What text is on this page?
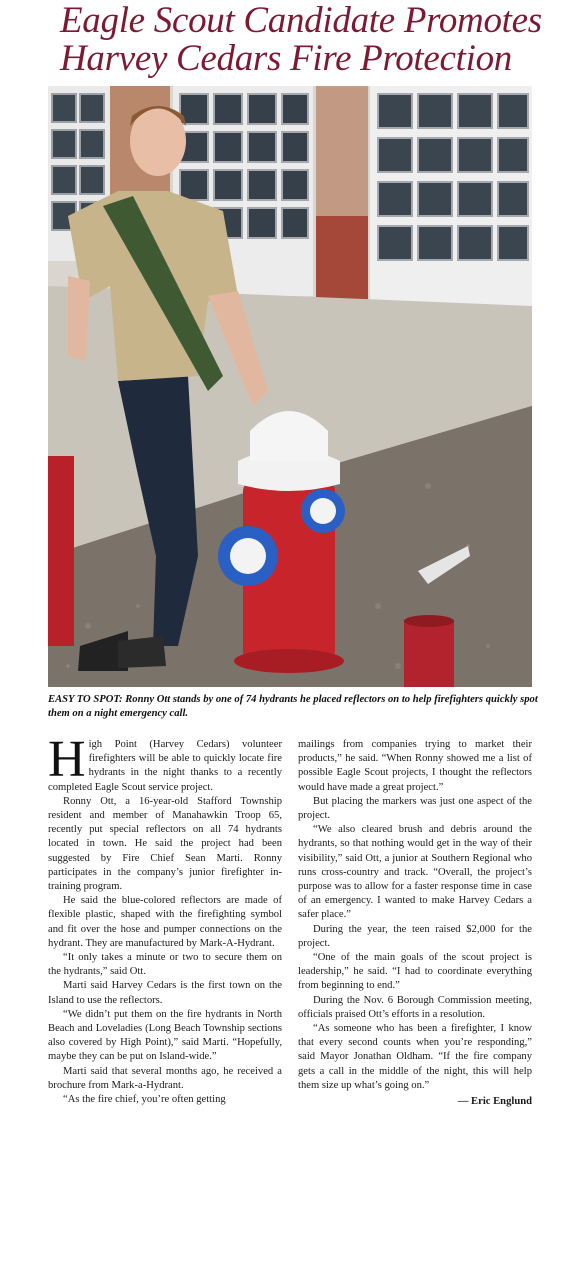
Eagle Scout Candidate Promotes
Harvey Cedars Fire Protection

EASY TO SPOT: Ronny Ott stands by one of 74 hydrants he placed reflectors on to help firefighters quickly spot them on a night emergency call.

High Point (Harvey Cedars) volunteer firefighters will be able to quickly locate fire hydrants in the night thanks to a recently completed Eagle Scout service project.

Ronny Ott, a 16-year-old Stafford Township resident and member of Manahawkin Troop 65, recently put special reflectors on all 74 hydrants located in town. He said the project had been suggested by Fire Chief Sean Marti. Ronny participates in the company’s junior firefighter in-training program.

He said the blue-colored reflectors are made of flexible plastic, shaped with the firefighting symbol and fit over the hose and pumper connections on the hydrant. They are manufactured by Mark-A-Hydrant.

“It only takes a minute or two to secure them on the hydrants,” said Ott.

Marti said Harvey Cedars is the first town on the Island to use the reflectors.

“We didn’t put them on the fire hydrants in North Beach and Loveladies (Long Beach Township sections also covered by High Point),” said Marti. “Hopefully, maybe they can be put on Island-wide.”

Marti said that several months ago, he received a brochure from Mark-a-Hydrant.

“As the fire chief, you’re often getting

mailings from companies trying to market their products,” he said. “When Ronny showed me a list of possible Eagle Scout projects, I thought the reflectors would have made a great project.”

But placing the markers was just one aspect of the project.

“We also cleared brush and debris around the hydrants, so that nothing would get in the way of their visibility,” said Ott, a junior at Southern Regional who runs cross-country and track. “Overall, the project’s purpose was to allow for a faster response time in case of an emergency. I wanted to make Harvey Cedars a safer place.”

During the year, the teen raised $2,000 for the project.

“One of the main goals of the scout project is leadership,” he said. “I had to coordinate everything from beginning to end.”

During the Nov. 6 Borough Commission meeting, officials praised Ott’s efforts in a resolution.

“As someone who has been a firefighter, I know that every second counts when you’re responding,” said Mayor Jonathan Oldham. “If the fire company gets a call in the middle of the night, this will help them size up what’s going on.”

— Eric Englund
